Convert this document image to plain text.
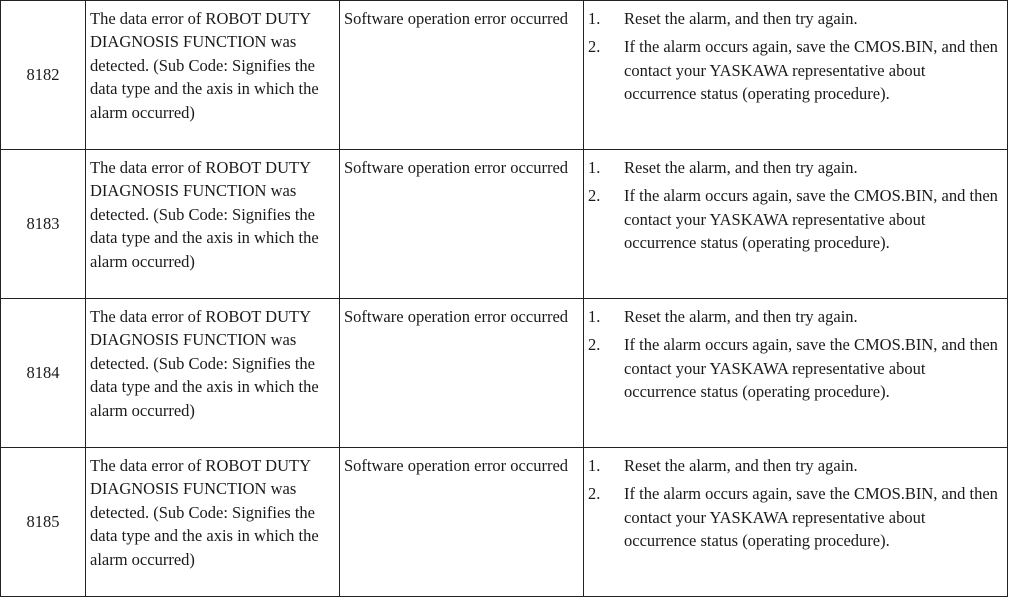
8182	The data error of ROBOT DUTY DIAGNOSIS FUNCTION was detected. (Sub Code: Signifies the data type and the axis in which the alarm occurred)	Software operation error occurred	1. Reset the alarm, and then try again.
2. If the alarm occurs again, save the CMOS.BIN, and then contact your YASKAWA representative about occurrence status (operating procedure).

8183	The data error of ROBOT DUTY DIAGNOSIS FUNCTION was detected. (Sub Code: Signifies the data type and the axis in which the alarm occurred)	Software operation error occurred	1. Reset the alarm, and then try again.
2. If the alarm occurs again, save the CMOS.BIN, and then contact your YASKAWA representative about occurrence status (operating procedure).

8184	The data error of ROBOT DUTY DIAGNOSIS FUNCTION was detected. (Sub Code: Signifies the data type and the axis in which the alarm occurred)	Software operation error occurred	1. Reset the alarm, and then try again.
2. If the alarm occurs again, save the CMOS.BIN, and then contact your YASKAWA representative about occurrence status (operating procedure).

8185	The data error of ROBOT DUTY DIAGNOSIS FUNCTION was detected. (Sub Code: Signifies the data type and the axis in which the alarm occurred)	Software operation error occurred	1. Reset the alarm, and then try again.
2. If the alarm occurs again, save the CMOS.BIN, and then contact your YASKAWA representative about occurrence status (operating procedure).
